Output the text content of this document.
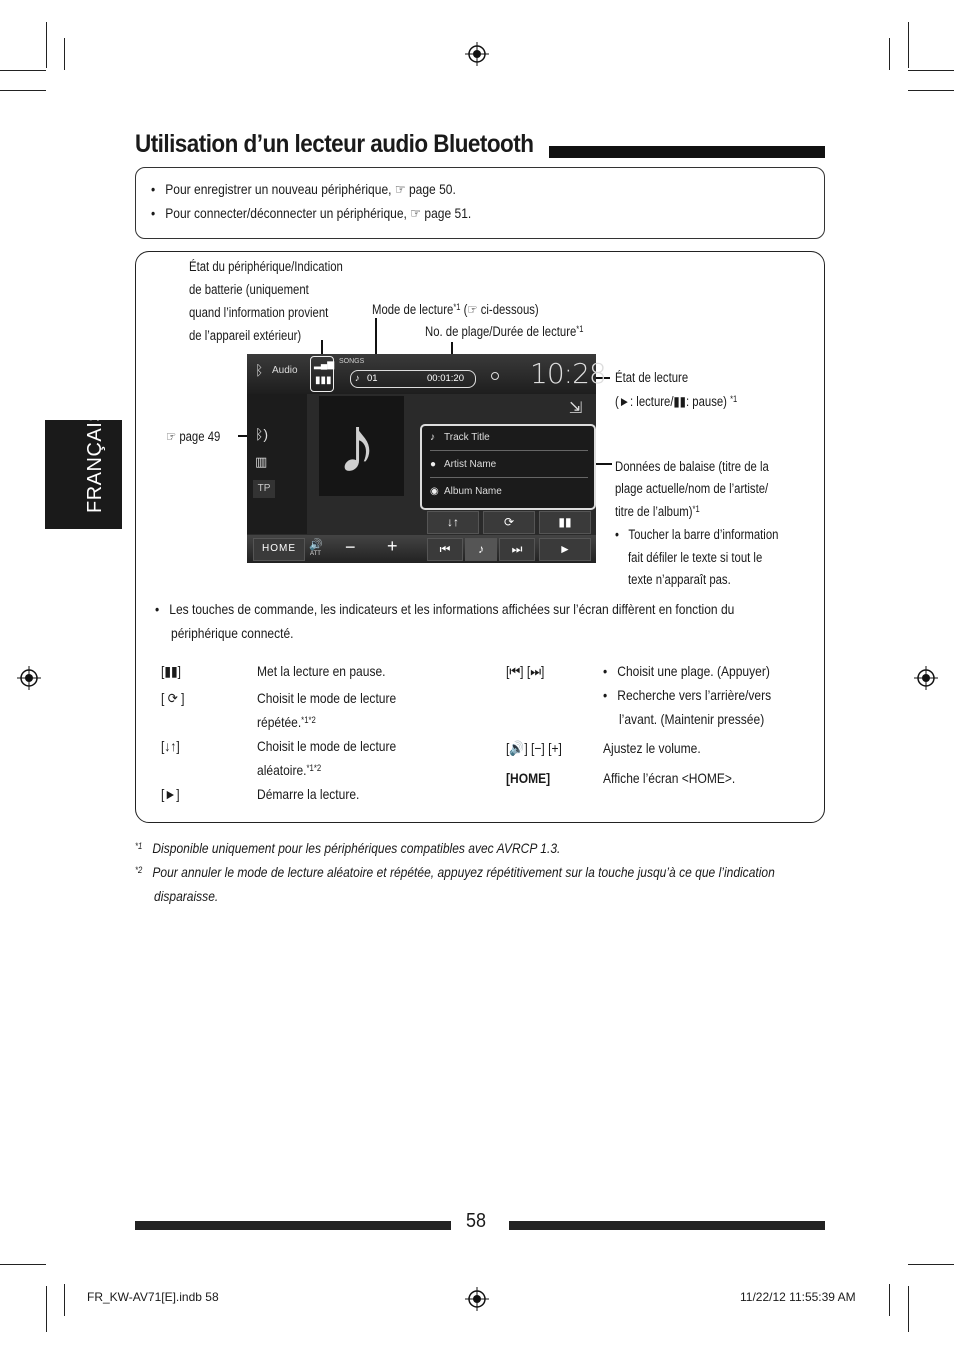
Utilisation d’un lecteur audio Bluetooth
FRANÇAIS
•   Pour enregistrer un nouveau périphérique, ☞ page 50.
•   Pour connecter/déconnecter un périphérique, ☞ page 51.
État du périphérique/Indication
de batterie (uniquement
quand l’information provient
de l’appareil extérieur)
Mode de lecture$^{*1}$ (☞ ci-dessous)
No. de plage/Durée de lecture$^{*1}$
État de lecture
(►: lecture/▮▮: pause) $^{*1}$
☞ page 49
Données de balaise (titre de la
plage actuelle/nom de l’artiste/
titre de l’album)$^{*1}$
•   Toucher la barre d’information
fait défiler le texte si tout le
texte n’apparaît pas.
ᛒ Audio
▂▄▆
▮▮▮
SONGS
♪ 01	00:01:20 10:28
ᛒ)
▥
TP ♪	⇲
♪ Track Title
● Artist Name
◉ Album Name
↓↑	⟳	▮▮
HOME	🔊
ATT − +	⏮	♪	⏭	►
•   Les touches de commande, les indicateurs et les informations affichées sur l’écran diffèrent en fonction du
périphérique connecté.
[▮▮]	Met la lecture en pause.
[ ⟳ ]	Choisit le mode de lecture
répétée.$^{*1*2}$
[↓↑]	Choisit le mode de lecture
aléatoire.$^{*1*2}$
[►]	Démarre la lecture.
[⏮] [⏭]	•   Choisit une plage. (Appuyer)
•   Recherche vers l’arrière/vers
l’avant. (Maintenir pressée)
[🔊] [−] [+]	Ajustez le volume.
[HOME]	Affiche l’écran <HOME>.
$^{*1}$ Disponible uniquement pour les périphériques compatibles avec AVRCP 1.3.
$^{*2}$ Pour annuler le mode de lecture aléatoire et répétée, appuyez répétitivement sur la touche jusqu’à ce que l’indication
disparaisse.
58
FR_KW-AV71[E].indb 58	11/22/12 11:55:39 AM
